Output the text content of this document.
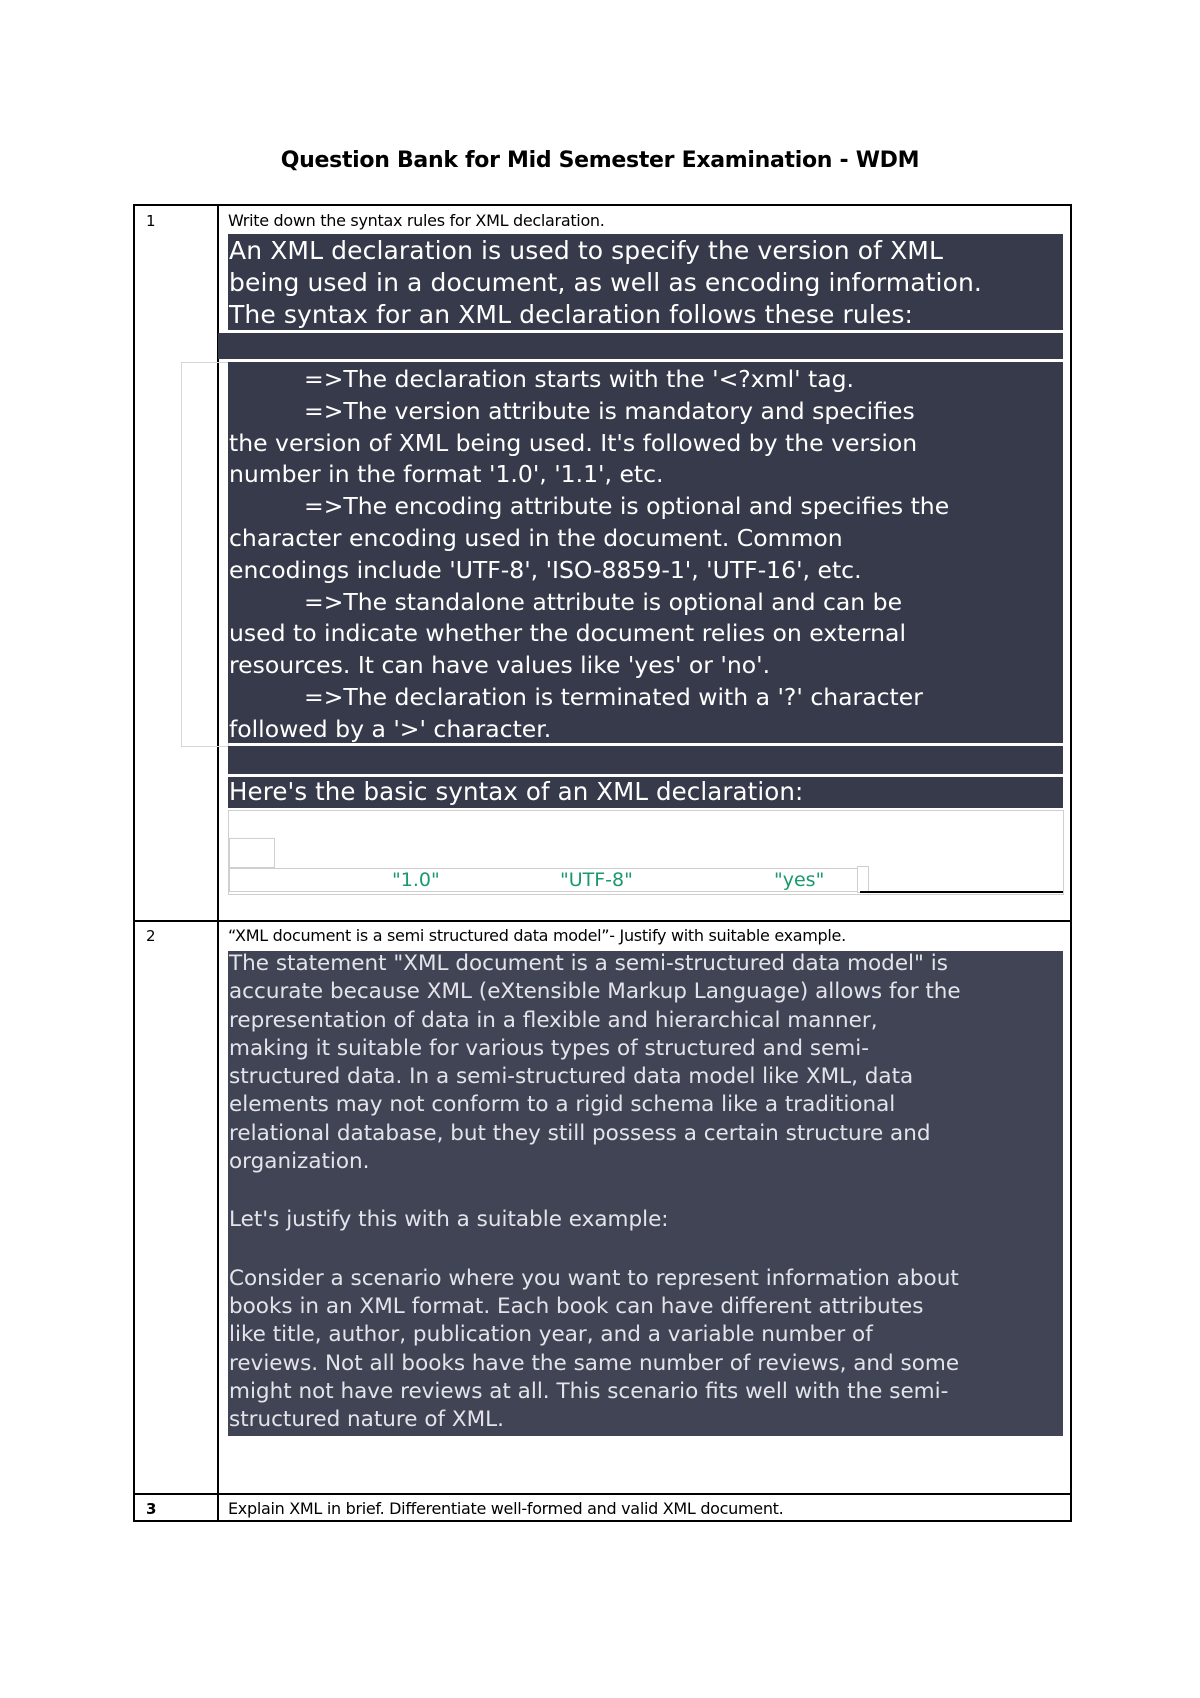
Question Bank for Mid Semester Examination - WDM
1	Write down the syntax rules for XML declaration.
An XML declaration is used to specify the version of XML
being used in a document, as well as encoding information.
The syntax for an XML declaration follows these rules:
=>The declaration starts with the '<?xml' tag.
=>The version attribute is mandatory and specifies
the version of XML being used. It's followed by the version
number in the format '1.0', '1.1', etc.
=>The encoding attribute is optional and specifies the
character encoding used in the document. Common
encodings include 'UTF-8', 'ISO-8859-1', 'UTF-16', etc.
=>The standalone attribute is optional and can be
used to indicate whether the document relies on external
resources. It can have values like 'yes' or 'no'.
=>The declaration is terminated with a '?' character
followed by a '>' character.
Here's the basic syntax of an XML declaration:
"1.0"	"UTF-8"	"yes"
2	“XML document is a semi structured data model”- Justify with suitable example.
The statement "XML document is a semi-structured data model" is
accurate because XML (eXtensible Markup Language) allows for the
representation of data in a flexible and hierarchical manner,
making it suitable for various types of structured and semi-
structured data. In a semi-structured data model like XML, data
elements may not conform to a rigid schema like a traditional
relational database, but they still possess a certain structure and
organization.
Let's justify this with a suitable example:
Consider a scenario where you want to represent information about
books in an XML format. Each book can have different attributes
like title, author, publication year, and a variable number of
reviews. Not all books have the same number of reviews, and some
might not have reviews at all. This scenario fits well with the semi-
structured nature of XML.
3	Explain XML in brief. Differentiate well-formed and valid XML document.
